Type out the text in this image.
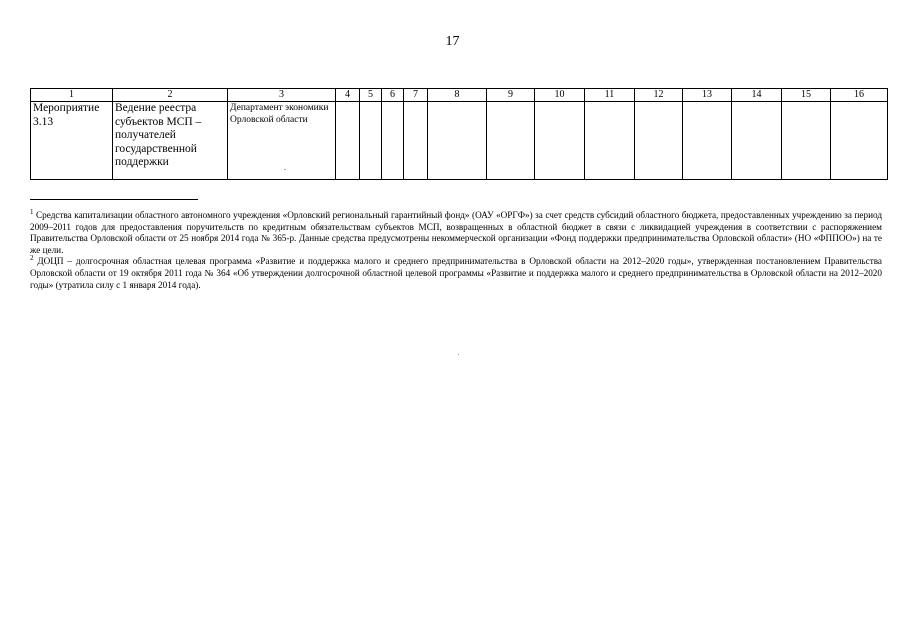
17
1	2	3	4	5	6	7	8	9	10	11	12	13	14	15	16
Мероприятие 3.13	Ведение реестра субъектов МСП – получателей государственной поддержки	Департамент экономики Орловской области
.													

$^1$ Средства капитализации областного автономного учреждения «Орловский региональный гарантийный фонд» (ОАУ «ОРГФ») за счет средств субсидий областного бюджета, предоставленных учреждению за период 2009–2011 годов для предоставления поручительств по кредитным обязательствам субъектов МСП, возвращенных в областной бюджет в связи с ликвидацией учреждения в соответствии с распоряжением Правительства Орловской области от 25 ноября 2014 года № 365-р. Данные средства предусмотрены некоммерческой организации «Фонд поддержки предпринимательства Орловской области» (НО «ФППОО») на те же цели.

$^2$ ДОЦП – долгосрочная областная целевая программа «Развитие и поддержка малого и среднего предпринимательства в Орловской области на 2012–2020 годы», утвержденная постановлением Правительства Орловской области от 19 октября 2011 года № 364 «Об утверждении долгосрочной областной целевой программы «Развитие и поддержка малого и среднего предпринимательства в Орловской области на 2012–2020 годы» (утратила силу с 1 января 2014 года).
